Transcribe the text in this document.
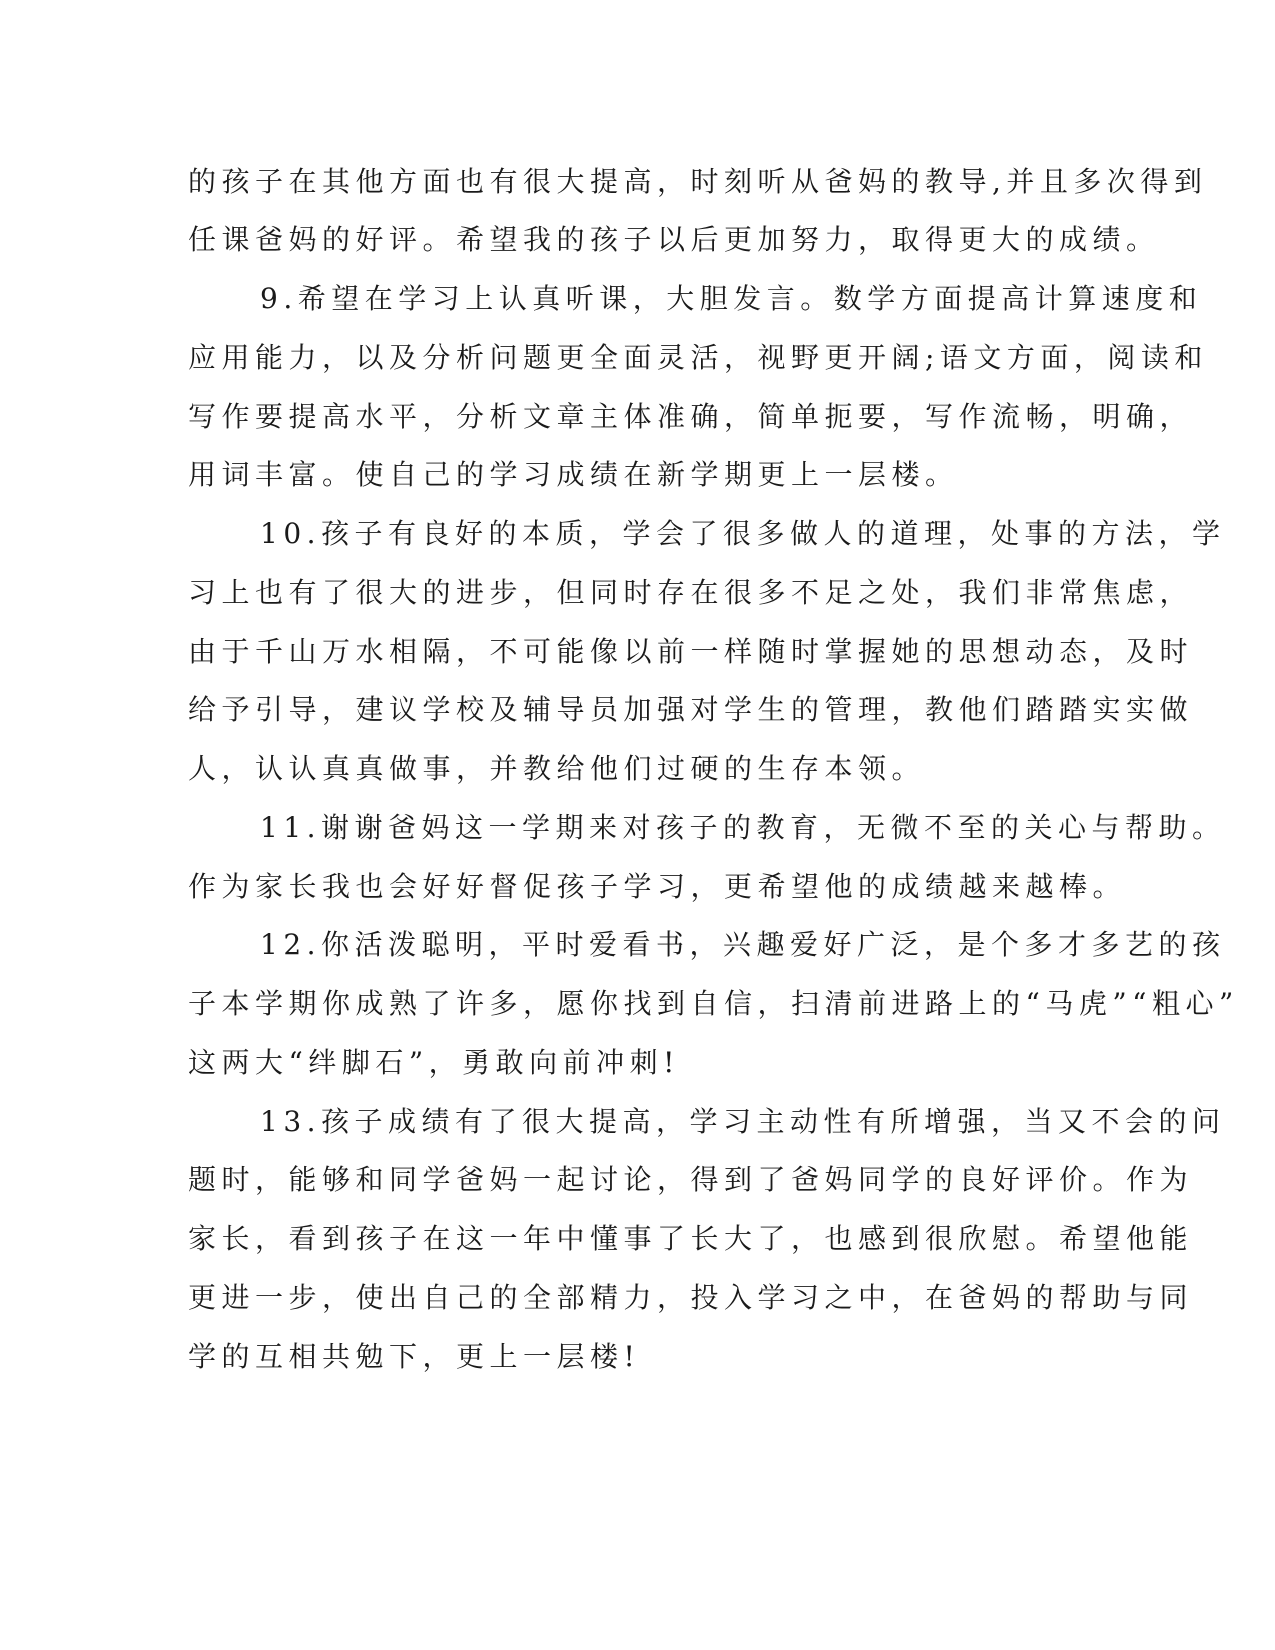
的孩子在其他方面也有很大提高，时刻听从爸妈的教导,并且多次得到
任课爸妈的好评。希望我的孩子以后更加努力，取得更大的成绩。
9.希望在学习上认真听课，大胆发言。数学方面提高计算速度和
应用能力，以及分析问题更全面灵活，视野更开阔;语文方面，阅读和
写作要提高水平，分析文章主体准确，简单扼要，写作流畅，明确，
用词丰富。使自己的学习成绩在新学期更上一层楼。
10.孩子有良好的本质，学会了很多做人的道理，处事的方法，学
习上也有了很大的进步，但同时存在很多不足之处，我们非常焦虑，
由于千山万水相隔，不可能像以前一样随时掌握她的思想动态，及时
给予引导，建议学校及辅导员加强对学生的管理，教他们踏踏实实做
人，认认真真做事，并教给他们过硬的生存本领。
11.谢谢爸妈这一学期来对孩子的教育，无微不至的关心与帮助。
作为家长我也会好好督促孩子学习，更希望他的成绩越来越棒。
12.你活泼聪明，平时爱看书，兴趣爱好广泛，是个多才多艺的孩
子本学期你成熟了许多，愿你找到自信，扫清前进路上的“马虎”“粗心”
这两大“绊脚石”，勇敢向前冲刺!
13.孩子成绩有了很大提高，学习主动性有所增强，当又不会的问
题时，能够和同学爸妈一起讨论，得到了爸妈同学的良好评价。作为
家长，看到孩子在这一年中懂事了长大了，也感到很欣慰。希望他能
更进一步，使出自己的全部精力，投入学习之中，在爸妈的帮助与同
学的互相共勉下，更上一层楼!
